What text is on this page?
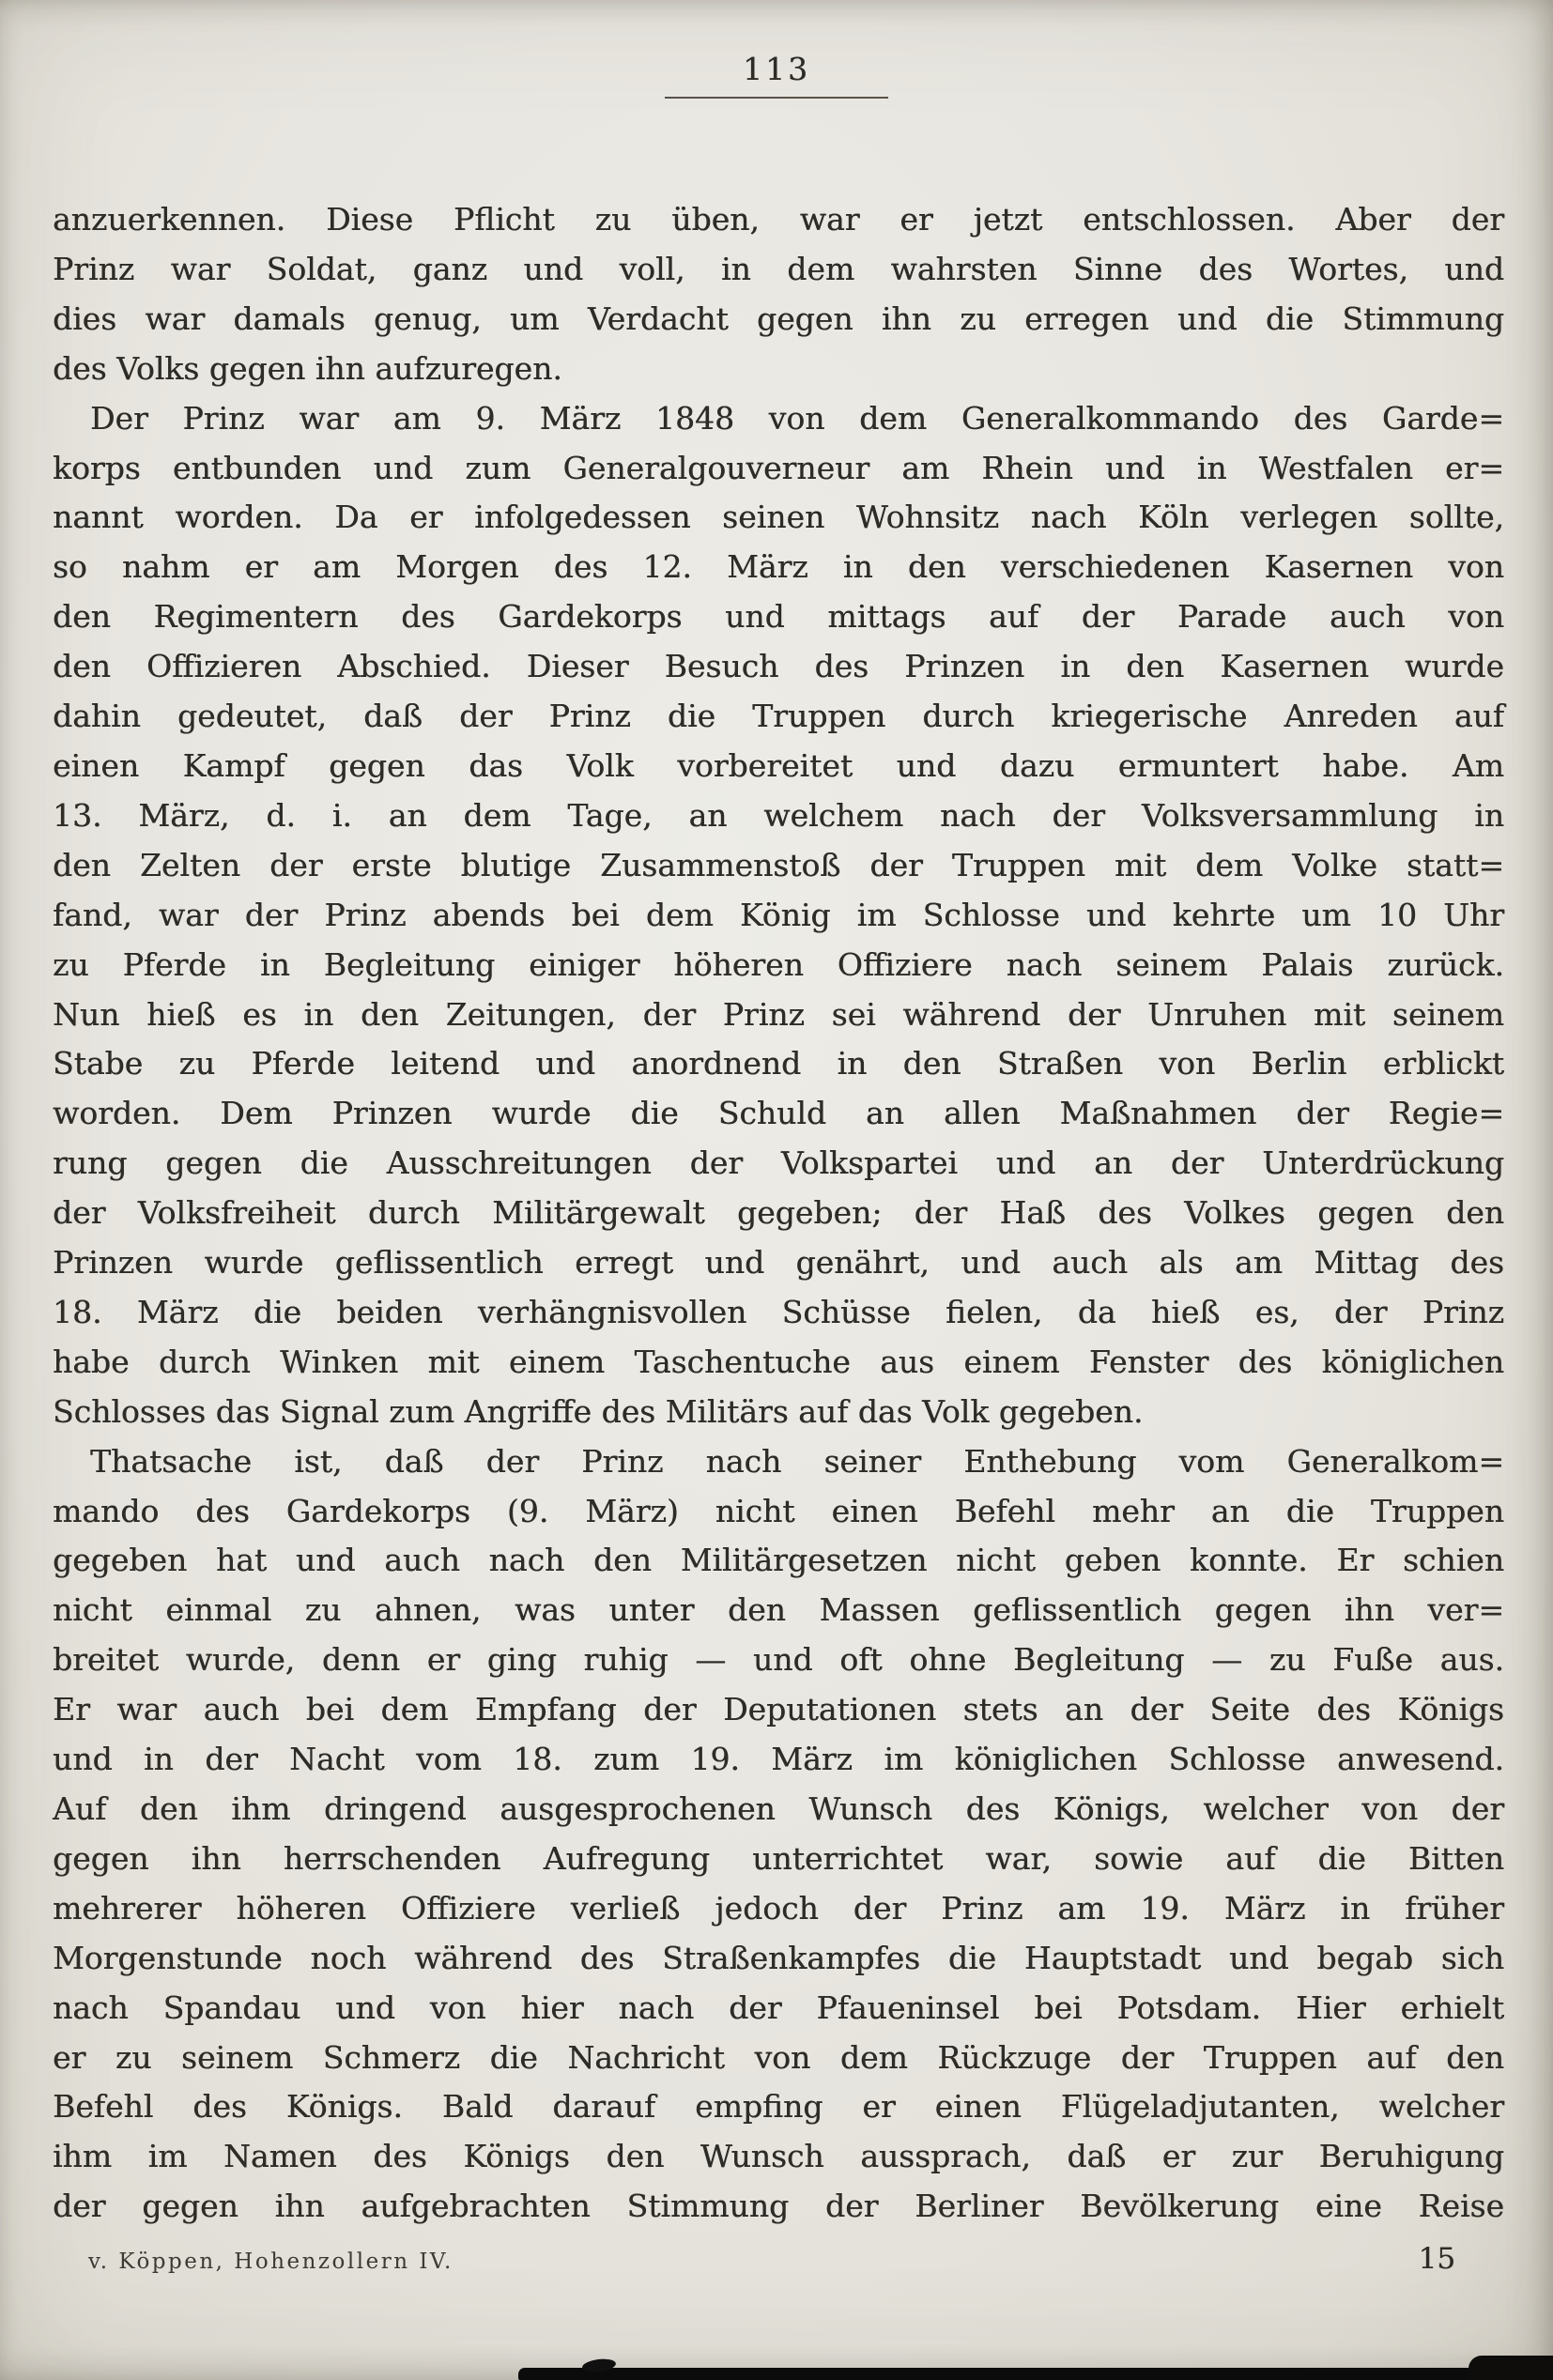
113
anzuerkennen. Diese Pflicht zu üben, war er jetzt entschlossen. Aber der
Prinz war Soldat, ganz und voll, in dem wahrsten Sinne des Wortes, und
dies war damals genug, um Verdacht gegen ihn zu erregen und die Stimmung
des Volks gegen ihn aufzuregen.
Der Prinz war am 9. März 1848 von dem Generalkommando des Garde=
korps entbunden und zum Generalgouverneur am Rhein und in Westfalen er=
nannt worden. Da er infolgedessen seinen Wohnsitz nach Köln verlegen sollte,
so nahm er am Morgen des 12. März in den verschiedenen Kasernen von
den Regimentern des Gardekorps und mittags auf der Parade auch von
den Offizieren Abschied. Dieser Besuch des Prinzen in den Kasernen wurde
dahin gedeutet, daß der Prinz die Truppen durch kriegerische Anreden auf
einen Kampf gegen das Volk vorbereitet und dazu ermuntert habe. Am
13. März, d. i. an dem Tage, an welchem nach der Volksversammlung in
den Zelten der erste blutige Zusammenstoß der Truppen mit dem Volke statt=
fand, war der Prinz abends bei dem König im Schlosse und kehrte um 10 Uhr
zu Pferde in Begleitung einiger höheren Offiziere nach seinem Palais zurück.
Nun hieß es in den Zeitungen, der Prinz sei während der Unruhen mit seinem
Stabe zu Pferde leitend und anordnend in den Straßen von Berlin erblickt
worden. Dem Prinzen wurde die Schuld an allen Maßnahmen der Regie=
rung gegen die Ausschreitungen der Volkspartei und an der Unterdrückung
der Volksfreiheit durch Militärgewalt gegeben; der Haß des Volkes gegen den
Prinzen wurde geflissentlich erregt und genährt, und auch als am Mittag des
18. März die beiden verhängnisvollen Schüsse fielen, da hieß es, der Prinz
habe durch Winken mit einem Taschentuche aus einem Fenster des königlichen
Schlosses das Signal zum Angriffe des Militärs auf das Volk gegeben.
Thatsache ist, daß der Prinz nach seiner Enthebung vom Generalkom=
mando des Gardekorps (9. März) nicht einen Befehl mehr an die Truppen
gegeben hat und auch nach den Militärgesetzen nicht geben konnte. Er schien
nicht einmal zu ahnen, was unter den Massen geflissentlich gegen ihn ver=
breitet wurde, denn er ging ruhig — und oft ohne Begleitung — zu Fuße aus.
Er war auch bei dem Empfang der Deputationen stets an der Seite des Königs
und in der Nacht vom 18. zum 19. März im königlichen Schlosse anwesend.
Auf den ihm dringend ausgesprochenen Wunsch des Königs, welcher von der
gegen ihn herrschenden Aufregung unterrichtet war, sowie auf die Bitten
mehrerer höheren Offiziere verließ jedoch der Prinz am 19. März in früher
Morgenstunde noch während des Straßenkampfes die Hauptstadt und begab sich
nach Spandau und von hier nach der Pfaueninsel bei Potsdam. Hier erhielt
er zu seinem Schmerz die Nachricht von dem Rückzuge der Truppen auf den
Befehl des Königs. Bald darauf empfing er einen Flügeladjutanten, welcher
ihm im Namen des Königs den Wunsch aussprach, daß er zur Beruhigung
der gegen ihn aufgebrachten Stimmung der Berliner Bevölkerung eine Reise
v. Köppen, Hohenzollern IV.	15
